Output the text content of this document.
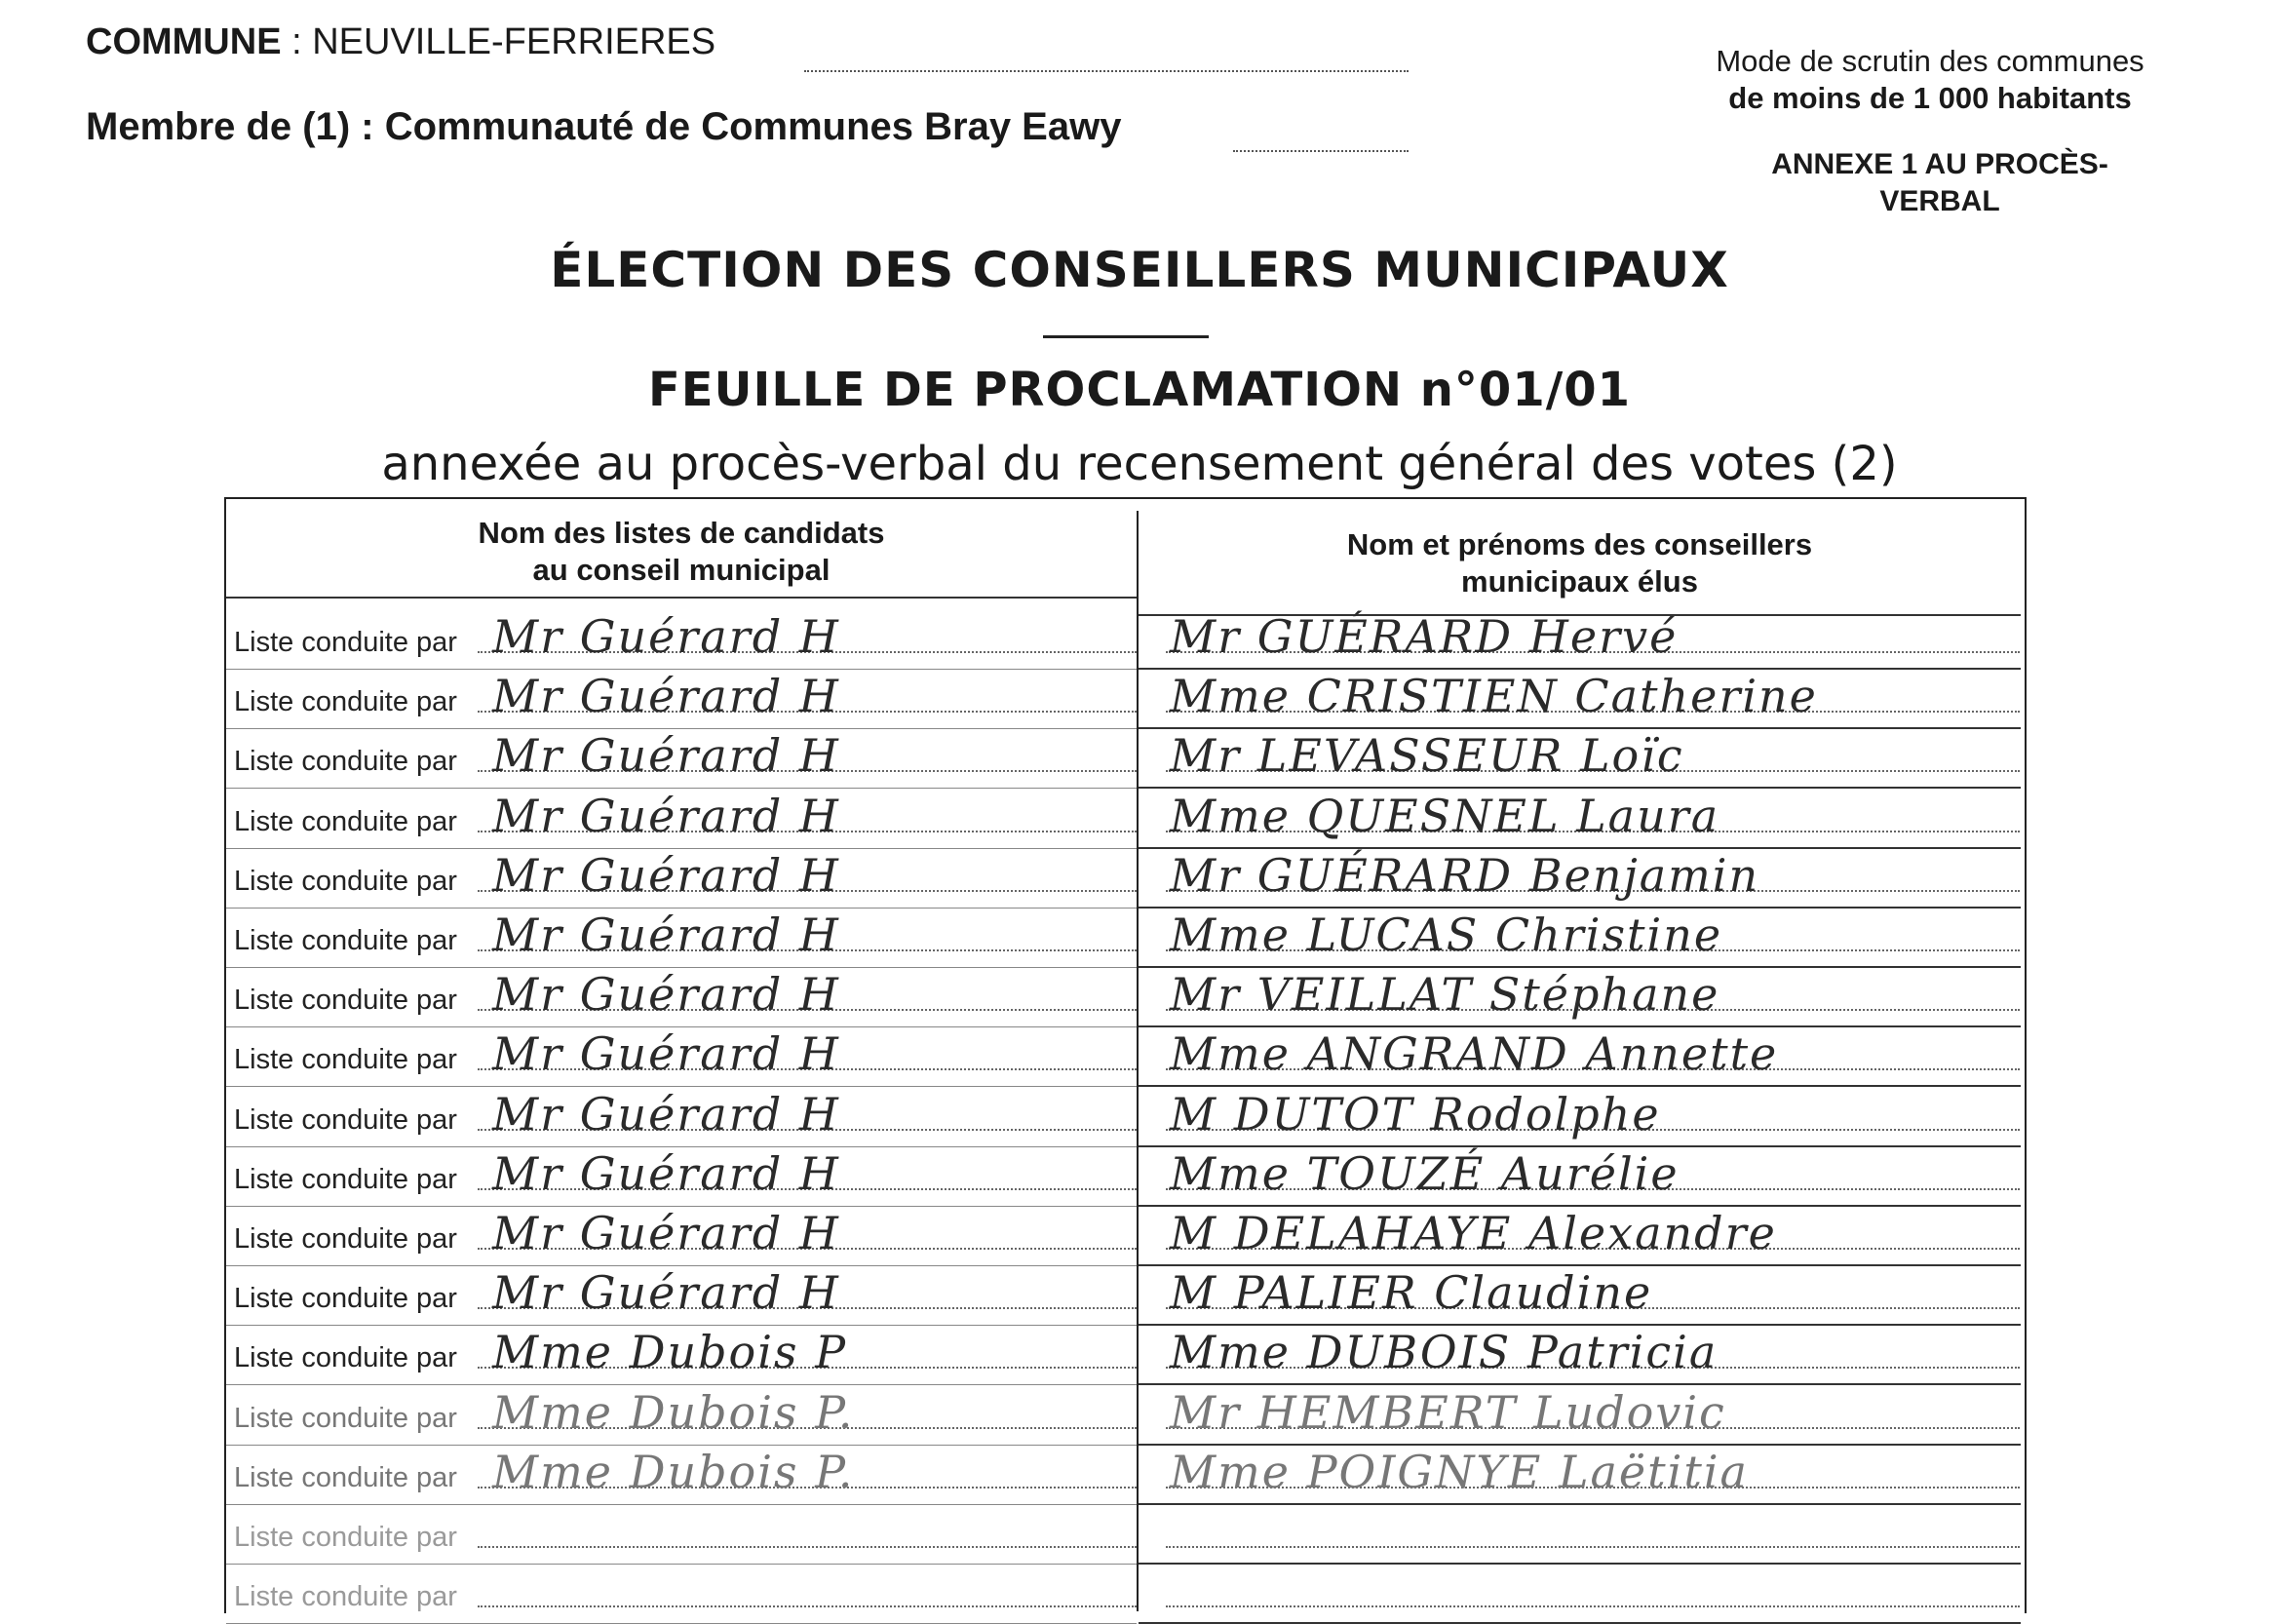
COMMUNE : NEUVILLE-FERRIERES
Membre de (1) : Communauté de Communes Bray Eawy
Mode de scrutin des communes
de moins de 1 000 habitants
ANNEXE 1 AU PROCÈS-
VERBAL
ÉLECTION DES CONSEILLERS MUNICIPAUX
FEUILLE DE PROCLAMATION n°01/01
annexée au procès-verbal du recensement général des votes (2)
Nom des listes de candidats
au conseil municipal
Nom et prénoms des conseillers
municipaux élus
Liste conduite par Mr Guérard H	Mr GUÉRARD Hervé
Liste conduite par Mr Guérard H	Mme CRISTIEN Catherine
Liste conduite par Mr Guérard H	Mr LEVASSEUR Loïc
Liste conduite par Mr Guérard H	Mme QUESNEL Laura
Liste conduite par Mr Guérard H	Mr GUÉRARD Benjamin
Liste conduite par Mr Guérard H	Mme LUCAS Christine
Liste conduite par Mr Guérard H	Mr VEILLAT Stéphane
Liste conduite par Mr Guérard H	Mme ANGRAND Annette
Liste conduite par Mr Guérard H	M DUTOT Rodolphe
Liste conduite par Mr Guérard H	Mme TOUZÉ Aurélie
Liste conduite par Mr Guérard H	M DELAHAYE Alexandre
Liste conduite par Mr Guérard H	M PALIER Claudine
Liste conduite par Mme Dubois P	Mme DUBOIS Patricia
Liste conduite par Mme Dubois P.	Mr HEMBERT Ludovic
Liste conduite par Mme Dubois P.	Mme POIGNYE Laëtitia
Liste conduite par
Liste conduite par
